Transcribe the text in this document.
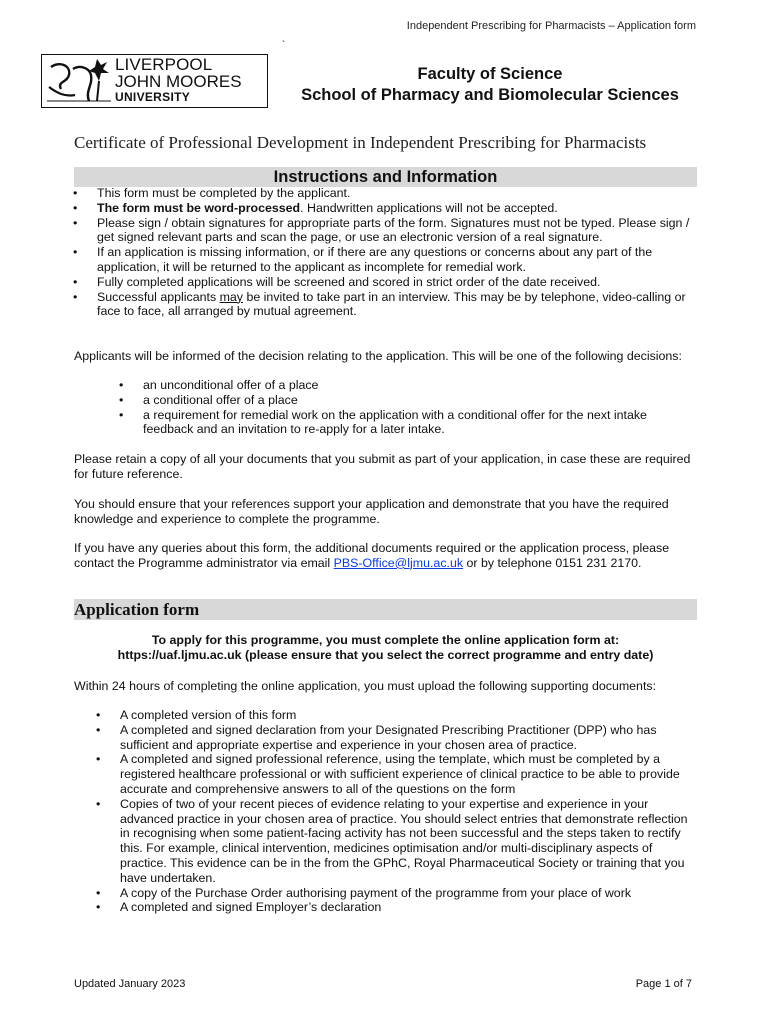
Independent Prescribing for Pharmacists – Application form
`
LIVERPOOL
JOHN MOORES
UNIVERSITY
Faculty of Science
School of Pharmacy and Biomolecular Sciences
Certificate of Professional Development in Independent Prescribing for Pharmacists
Instructions and Information
• This form must be completed by the applicant.
• The form must be word-processed. Handwritten applications will not be accepted.
• Please sign / obtain signatures for appropriate parts of the form. Signatures must not be typed. Please sign / get signed relevant parts and scan the page, or use an electronic version of a real signature.
• If an application is missing information, or if there are any questions or concerns about any part of the application, it will be returned to the applicant as incomplete for remedial work.
• Fully completed applications will be screened and scored in strict order of the date received.
• Successful applicants may be invited to take part in an interview. This may be by telephone, video-calling or face to face, all arranged by mutual agreement.
Applicants will be informed of the decision relating to the application. This will be one of the following decisions:
• an unconditional offer of a place
• a conditional offer of a place
• a requirement for remedial work on the application with a conditional offer for the next intake feedback and an invitation to re-apply for a later intake.
Please retain a copy of all your documents that you submit as part of your application, in case these are required for future reference.
You should ensure that your references support your application and demonstrate that you have the required knowledge and experience to complete the programme.
If you have any queries about this form, the additional documents required or the application process, please contact the Programme administrator via email PBS-Office@ljmu.ac.uk or by telephone 0151 231 2170.
Application form
To apply for this programme, you must complete the online application form at:
https://uaf.ljmu.ac.uk (please ensure that you select the correct programme and entry date)
Within 24 hours of completing the online application, you must upload the following supporting documents:
• A completed version of this form
• A completed and signed declaration from your Designated Prescribing Practitioner (DPP) who has sufficient and appropriate expertise and experience in your chosen area of practice.
• A completed and signed professional reference, using the template, which must be completed by a registered healthcare professional or with sufficient experience of clinical practice to be able to provide accurate and comprehensive answers to all of the questions on the form
• Copies of two of your recent pieces of evidence relating to your expertise and experience in your advanced practice in your chosen area of practice. You should select entries that demonstrate reflection in recognising when some patient-facing activity has not been successful and the steps taken to rectify this. For example, clinical intervention, medicines optimisation and/or multi-disciplinary aspects of practice. This evidence can be in the from the GPhC, Royal Pharmaceutical Society or training that you have undertaken.
• A copy of the Purchase Order authorising payment of the programme from your place of work
• A completed and signed Employer’s declaration
Updated January 2023	Page 1 of 7
